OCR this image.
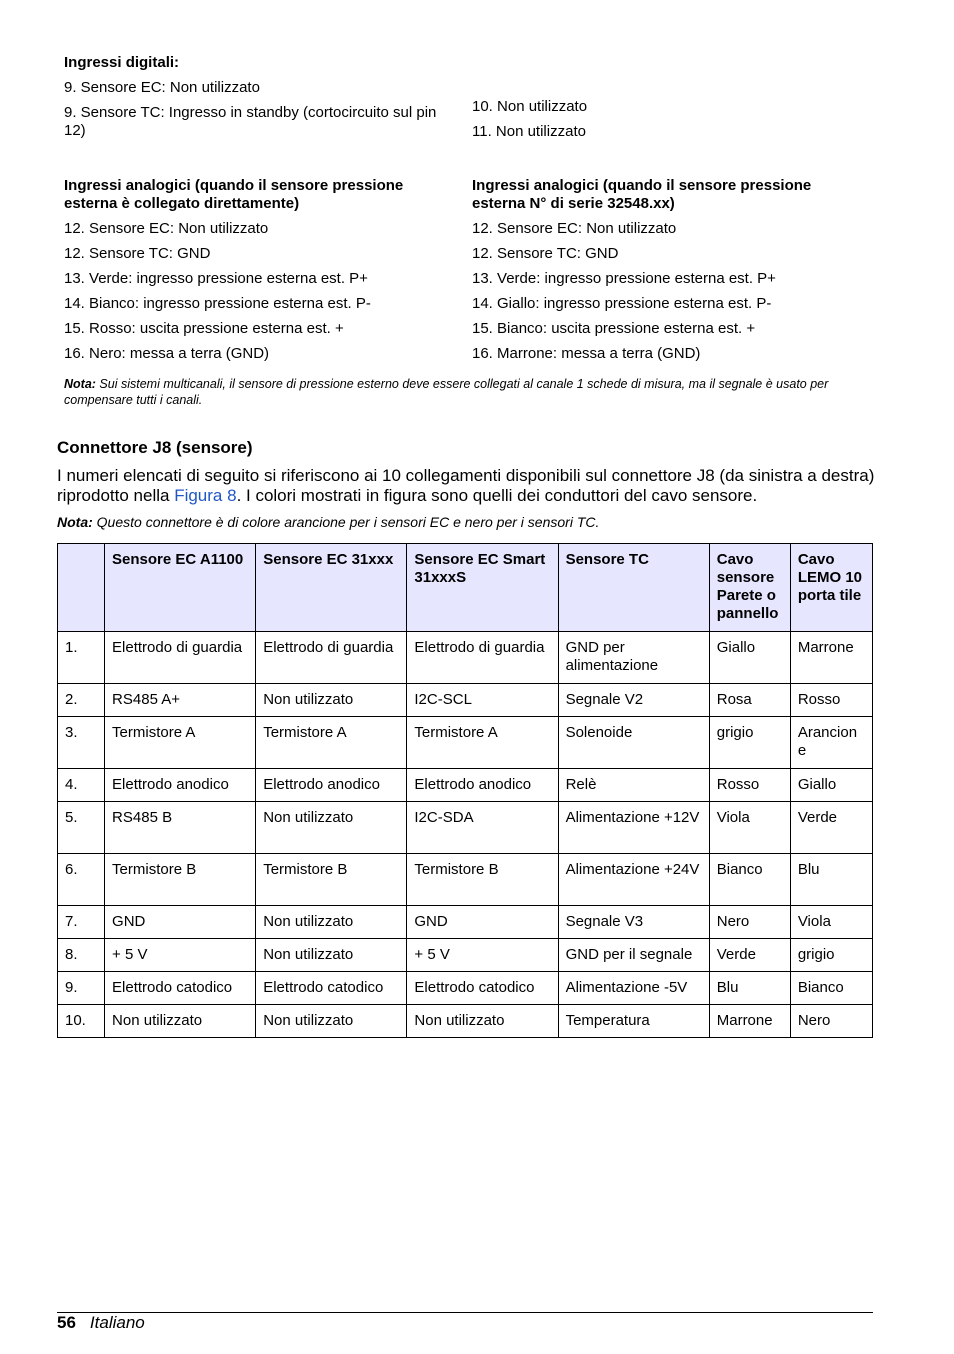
Ingressi digitali:
9. Sensore EC: Non utilizzato
9. Sensore TC: Ingresso in standby (cortocircuito sul pin 12)
10. Non utilizzato
11. Non utilizzato
Ingressi analogici (quando il sensore pressione esterna è collegato direttamente)
12. Sensore EC: Non utilizzato
12. Sensore TC: GND
13. Verde: ingresso pressione esterna est. P+
14. Bianco: ingresso pressione esterna est. P-
15. Rosso: uscita pressione esterna est. +
16. Nero: messa a terra (GND)
Ingressi analogici (quando il sensore pressione esterna N° di serie 32548.xx)
12. Sensore EC: Non utilizzato
12. Sensore TC: GND
13. Verde: ingresso pressione esterna est. P+
14. Giallo: ingresso pressione esterna est. P-
15. Bianco: uscita pressione esterna est. +
16. Marrone: messa a terra (GND)
Nota: Sui sistemi multicanali, il sensore di pressione esterno deve essere collegati al canale 1 schede di misura, ma il segnale è usato per compensare tutti i canali.
Connettore J8 (sensore)
I numeri elencati di seguito si riferiscono ai 10 collegamenti disponibili sul connettore J8 (da sinistra a destra) riprodotto nella Figura 8. I colori mostrati in figura sono quelli dei conduttori del cavo sensore.
Nota: Questo connettore è di colore arancione per i sensori EC e nero per i sensori TC.
	Sensore EC A1100	Sensore EC 31xxx	Sensore EC Smart 31xxxS	Sensore TC	Cavo sensore Parete o pannello	Cavo LEMO 10 porta tile
1.	Elettrodo di guardia	Elettrodo di guardia	Elettrodo di guardia	GND per alimentazione	Giallo	Marrone
2.	RS485 A+	Non utilizzato	I2C-SCL	Segnale V2	Rosa	Rosso
3.	Termistore A	Termistore A	Termistore A	Solenoide	grigio	Arancion e
4.	Elettrodo anodico	Elettrodo anodico	Elettrodo anodico	Relè	Rosso	Giallo
5.	RS485 B	Non utilizzato	I2C-SDA	Alimentazione +12V	Viola	Verde
6.	Termistore B	Termistore B	Termistore B	Alimentazione +24V	Bianco	Blu
7.	GND	Non utilizzato	GND	Segnale V3	Nero	Viola
8.	+ 5 V	Non utilizzato	+ 5 V	GND per il segnale	Verde	grigio
9.	Elettrodo catodico	Elettrodo catodico	Elettrodo catodico	Alimentazione -5V	Blu	Bianco
10.	Non utilizzato	Non utilizzato	Non utilizzato	Temperatura	Marrone	Nero
56 Italiano
